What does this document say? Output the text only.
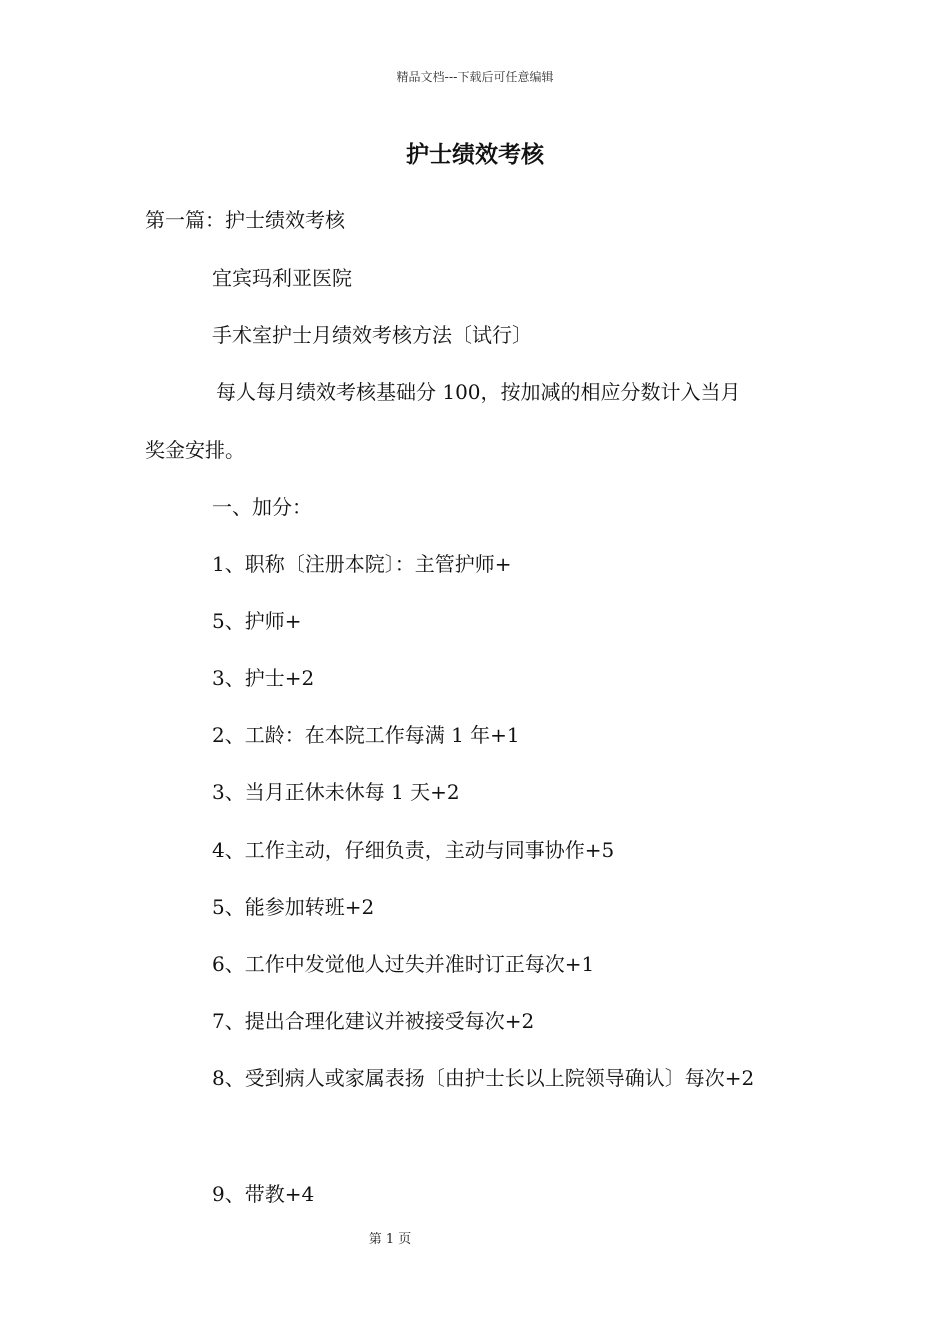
精品文档---下载后可任意编辑
护士绩效考核
第一篇：护士绩效考核
宜宾玛利亚医院
手术室护士月绩效考核方法〔试行〕
每人每月绩效考核基础分 100，按加减的相应分数计入当月
奖金安排。
一、加分：
1、职称〔注册本院〕：主管护师+
5、护师+
3、护士+2
2、工龄：在本院工作每满 1 年+1
3、当月正休未休每 1 天+2
4、工作主动，仔细负责，主动与同事协作+5
5、能参加转班+2
6、工作中发觉他人过失并准时订正每次+1
7、提出合理化建议并被接受每次+2
8、受到病人或家属表扬〔由护士长以上院领导确认〕每次+2
9、带教+4
第 1 页
